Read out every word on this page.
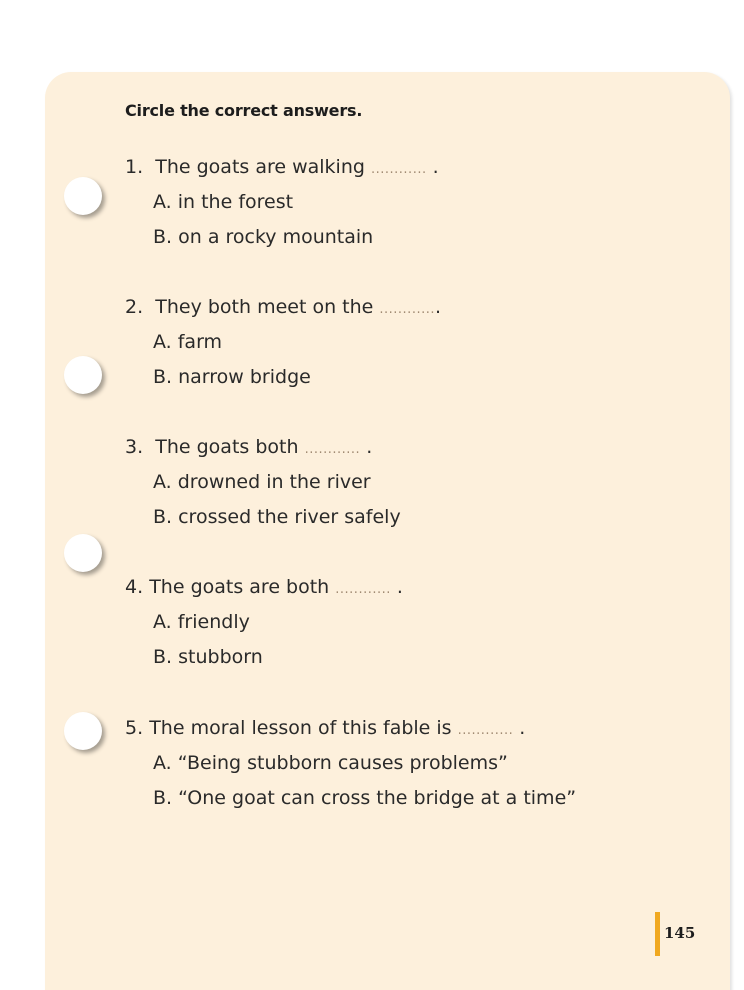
Circle the correct answers.
1. The goats are walking ............ .
A. in the forest
B. on a rocky mountain
2. They both meet on the .............
A. farm
B. narrow bridge
3. The goats both ............ .
A. drowned in the river
B. crossed the river safely
4. The goats are both ............ .
A. friendly
B. stubborn
5. The moral lesson of this fable is ............ .
A. “Being stubborn causes problems”
B. “One goat can cross the bridge at a time”
145
